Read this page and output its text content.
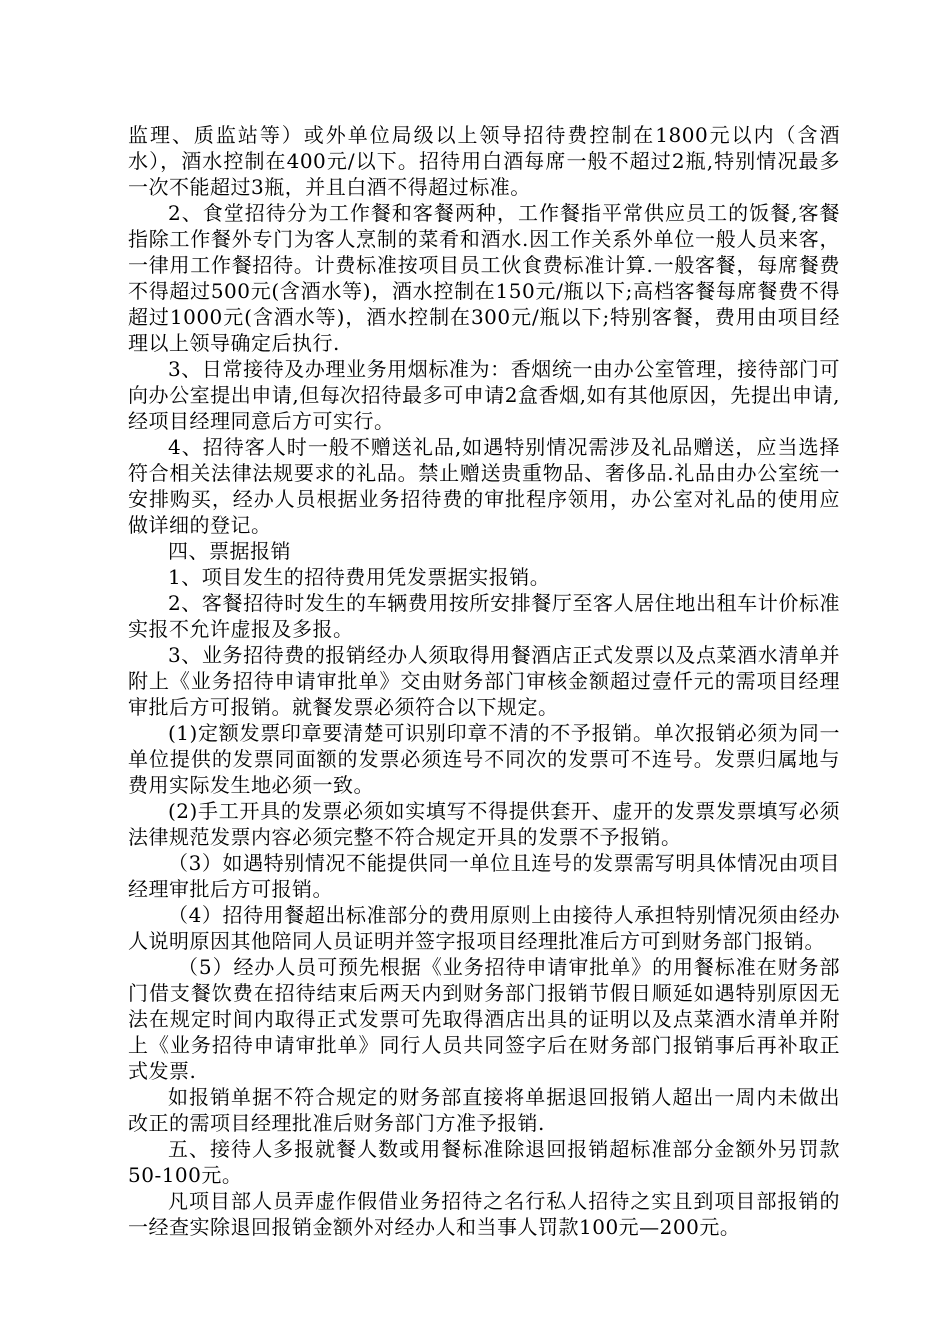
监理、质监站等）或外单位局级以上领导招待费控制在1800元以内（含酒水），酒水控制在400元/以下。招待用白酒每席一般不超过2瓶,特别情况最多一次不能超过3瓶，并且白酒不得超过标准。

2、食堂招待分为工作餐和客餐两种，工作餐指平常供应员工的饭餐,客餐指除工作餐外专门为客人烹制的菜肴和酒水.因工作关系外单位一般人员来客，一律用工作餐招待。计费标准按项目员工伙食费标准计算.一般客餐，每席餐费不得超过500元(含酒水等)，酒水控制在150元/瓶以下;高档客餐每席餐费不得超过1000元(含酒水等)，酒水控制在300元/瓶以下;特别客餐，费用由项目经理以上领导确定后执行.

3、日常接待及办理业务用烟标准为：香烟统一由办公室管理，接待部门可向办公室提出申请,但每次招待最多可申请2盒香烟,如有其他原因，先提出申请,经项目经理同意后方可实行。

4、招待客人时一般不赠送礼品,如遇特别情况需涉及礼品赠送，应当选择符合相关法律法规要求的礼品。禁止赠送贵重物品、奢侈品.礼品由办公室统一安排购买，经办人员根据业务招待费的审批程序领用，办公室对礼品的使用应做详细的登记。

四、票据报销

1、项目发生的招待费用凭发票据实报销。

2、客餐招待时发生的车辆费用按所安排餐厅至客人居住地出租车计价标准实报不允许虚报及多报。

3、业务招待费的报销经办人须取得用餐酒店正式发票以及点菜酒水清单并附上《业务招待申请审批单》交由财务部门审核金额超过壹仟元的需项目经理审批后方可报销。就餐发票必须符合以下规定。

(1)定额发票印章要清楚可识别印章不清的不予报销。单次报销必须为同一单位提供的发票同面额的发票必须连号不同次的发票可不连号。发票归属地与费用实际发生地必须一致。

(2)手工开具的发票必须如实填写不得提供套开、虚开的发票发票填写必须法律规范发票内容必须完整不符合规定开具的发票不予报销。

（3）如遇特别情况不能提供同一单位且连号的发票需写明具体情况由项目经理审批后方可报销。

（4）招待用餐超出标准部分的费用原则上由接待人承担特别情况须由经办人说明原因其他陪同人员证明并签字报项目经理批准后方可到财务部门报销。

（5）经办人员可预先根据《业务招待申请审批单》的用餐标准在财务部门借支餐饮费在招待结束后两天内到财务部门报销节假日顺延如遇特别原因无法在规定时间内取得正式发票可先取得酒店出具的证明以及点菜酒水清单并附上《业务招待申请审批单》同行人员共同签字后在财务部门报销事后再补取正式发票.

如报销单据不符合规定的财务部直接将单据退回报销人超出一周内未做出改正的需项目经理批准后财务部门方准予报销.

五、接待人多报就餐人数或用餐标准除退回报销超标准部分金额外另罚款50-100元。

凡项目部人员弄虚作假借业务招待之名行私人招待之实且到项目部报销的一经查实除退回报销金额外对经办人和当事人罚款100元—200元。
